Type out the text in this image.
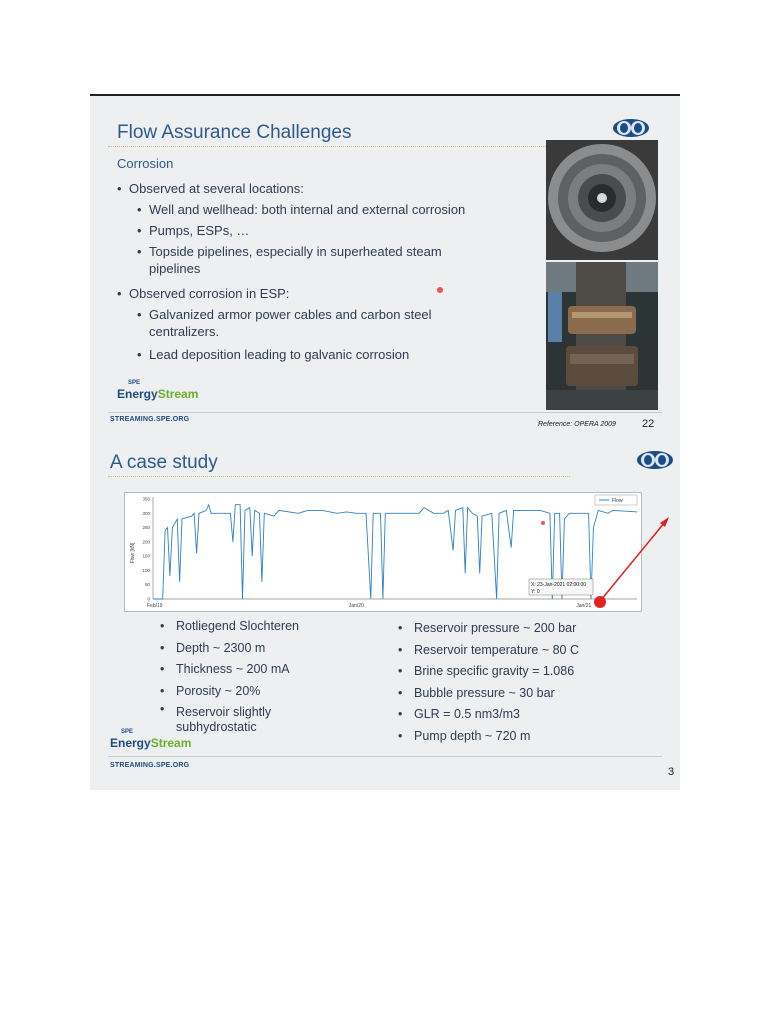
Flow Assurance Challenges
Corrosion
• Observed at several locations:
• Well and wellhead: both internal and external corrosion
• Pumps, ESPs, …
• Topside pipelines, especially in superheated steam pipelines
• Observed corrosion in ESP:
• Galvanized armor power cables and carbon steel centralizers.
• Lead deposition leading to galvanic corrosion
SPE
EnergyStream
STREAMING.SPE.ORG
Reference: OPERA 2009 22
A case study
350
300
250
200
150
100
50
0
Feb/19	Jan/20	Jan/21
Flow [kN]
Flow
X: 23-Jan-2021 02:00:00
Y: 0
• Rotliegend Slochteren
• Depth ~ 2300 m
• Thickness ~ 200 mA
• Porosity ~ 20%
• Reservoir slightly subhydrostatic
• Reservoir pressure ~ 200 bar
• Reservoir temperature ~ 80 C
• Brine specific gravity = 1.086
• Bubble pressure ~ 30 bar
• GLR = 0.5 nm3/m3
• Pump depth ~ 720 m
SPE
EnergyStream
STREAMING.SPE.ORG
3
